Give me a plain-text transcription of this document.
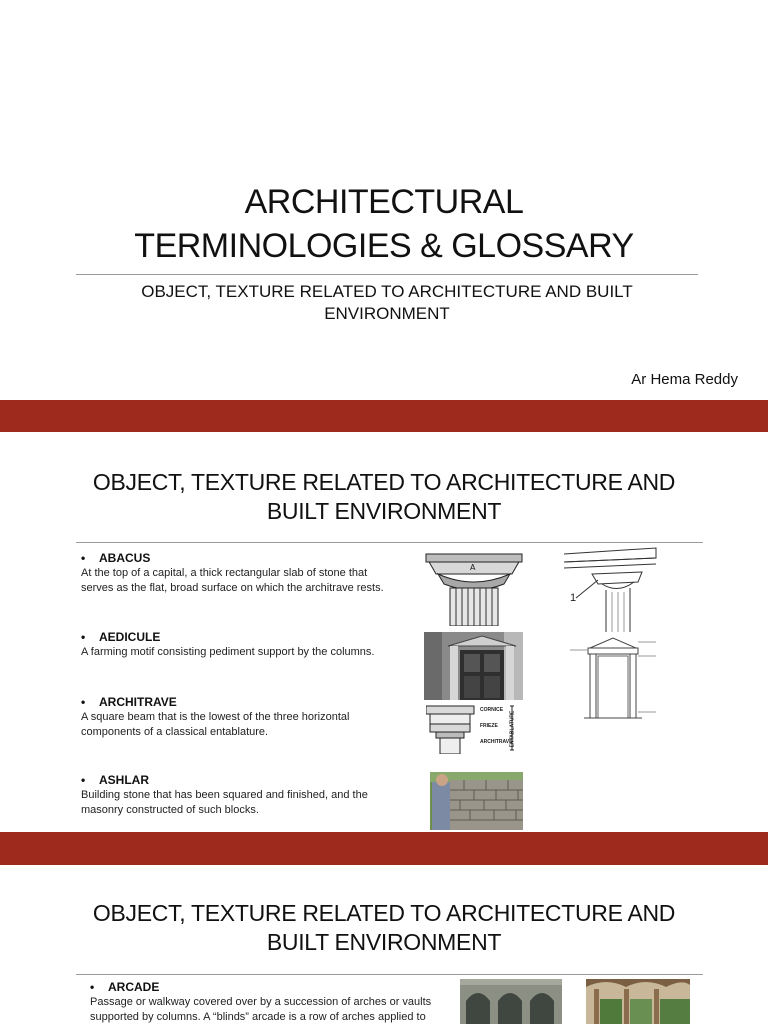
ARCHITECTURAL
TERMINOLOGIES & GLOSSARY
OBJECT, TEXTURE RELATED TO ARCHITECTURE AND BUILT
ENVIRONMENT
Ar Hema Reddy
OBJECT, TEXTURE RELATED TO ARCHITECTURE AND
BUILT ENVIRONMENT
• ABACUS
At the top of a capital, a thick rectangular slab of stone that
serves as the flat, broad surface on which the architrave rests.
• AEDICULE
A farming motif consisting pediment support by the columns.
• ARCHITRAVE
A square beam that is the lowest of the three horizontal
components of a classical entablature.
• ASHLAR
Building stone that has been squared and finished, and the
masonry constructed of such blocks.
A
1
CORNICE
FRIEZE
ARCHITRAVE
ENTABLATURE
OBJECT, TEXTURE RELATED TO ARCHITECTURE AND
BUILT ENVIRONMENT
• ARCADE
Passage or walkway covered over by a succession of arches or vaults
supported by columns. A “blinds” arcade is a row of arches applied to
